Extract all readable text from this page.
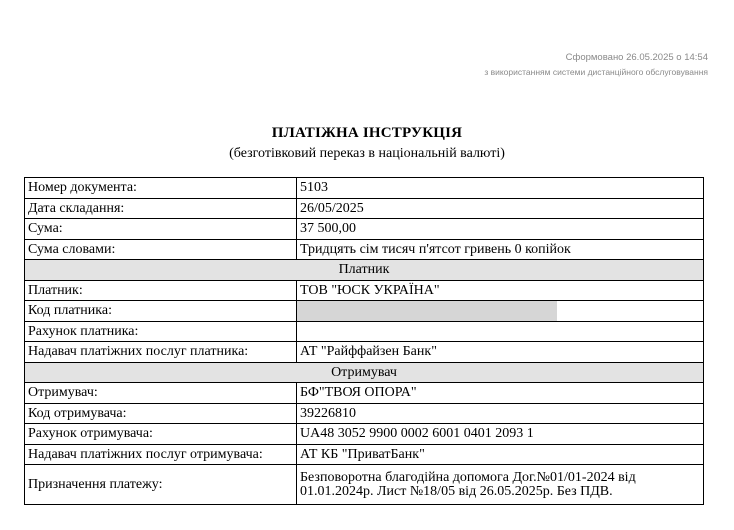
Сформовано 26.05.2025 о 14:54
з використанням системи дистанційного обслуговування
ПЛАТІЖНА ІНСТРУКЦІЯ
(безготівковий переказ в національній валюті)
Номер документа:	5103
Дата складання:	26/05/2025
Сума:	37 500,00
Сума словами:	Тридцять сім тисяч п'ятсот гривень 0 копійок
Платник	
Платник:	ТОВ "ЮСК УКРАЇНА"
Код платника:	

Рахунок платника:	
Надавач платіжних послуг платника:	АТ "Райффайзен Банк"
Отримувач	
Отримувач:	БФ"ТВОЯ ОПОРА"
Код отримувача:	39226810
Рахунок отримувача:	UA48 3052 9900 0002 6001 0401 2093 1
Надавач платіжних послуг отримувача:	АТ КБ "ПриватБанк"
Призначення платежу:	Безповоротна благодійна допомога Дог.№01/01-2024 від 01.01.2024р. Лист №18/05 від 26.05.2025р. Без ПДВ.
